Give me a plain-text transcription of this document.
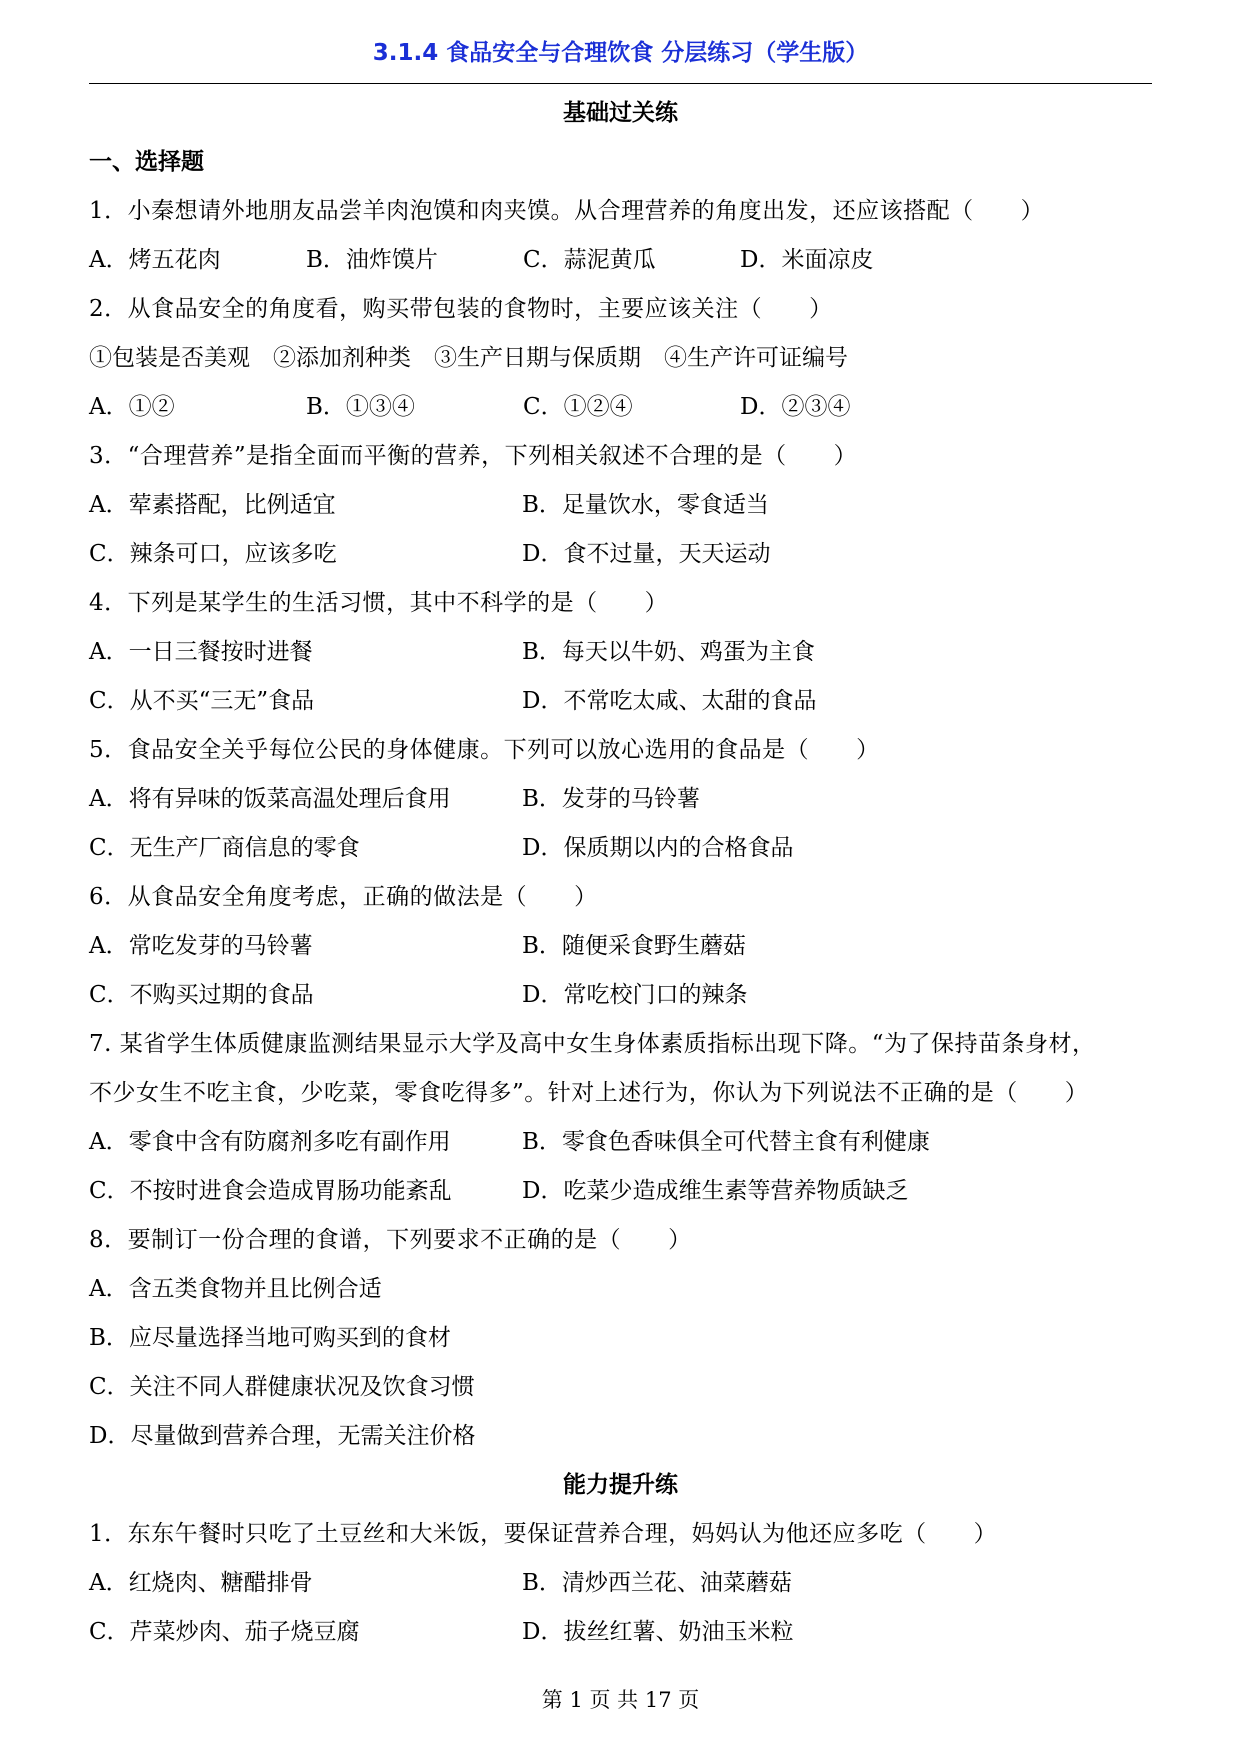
3.1.4 食品安全与合理饮食 分层练习（学生版）
基础过关练
一、选择题
1．小秦想请外地朋友品尝羊肉泡馍和肉夹馍。从合理营养的角度出发，还应该搭配（　　）
A．烤五花肉	B．油炸馍片	C．蒜泥黄瓜	D．米面凉皮
2．从食品安全的角度看，购买带包装的食物时，主要应该关注（　　）
①包装是否美观　②添加剂种类　③生产日期与保质期　④生产许可证编号
A．①②	B．①③④	C．①②④	D．②③④
3．“合理营养”是指全面而平衡的营养，下列相关叙述不合理的是（　　）
A．荤素搭配，比例适宜	B．足量饮水，零食适当
C．辣条可口，应该多吃	D．食不过量，天天运动
4．下列是某学生的生活习惯，其中不科学的是（　　）
A．一日三餐按时进餐	B．每天以牛奶、鸡蛋为主食
C．从不买“三无”食品	D．不常吃太咸、太甜的食品
5．食品安全关乎每位公民的身体健康。下列可以放心选用的食品是（　　）
A．将有异味的饭菜高温处理后食用	B．发芽的马铃薯
C．无生产厂商信息的零食	D．保质期以内的合格食品
6．从食品安全角度考虑，正确的做法是（　　）
A．常吃发芽的马铃薯	B．随便采食野生蘑菇
C．不购买过期的食品	D．常吃校门口的辣条
7. 某省学生体质健康监测结果显示大学及高中女生身体素质指标出现下降。“为了保持苗条身材，
不少女生不吃主食，少吃菜，零食吃得多”。针对上述行为，你认为下列说法不正确的是（　　）
A．零食中含有防腐剂多吃有副作用	B．零食色香味俱全可代替主食有利健康
C．不按时进食会造成胃肠功能紊乱	D．吃菜少造成维生素等营养物质缺乏
8．要制订一份合理的食谱，下列要求不正确的是（　　）
A．含五类食物并且比例合适
B．应尽量选择当地可购买到的食材
C．关注不同人群健康状况及饮食习惯
D．尽量做到营养合理，无需关注价格
能力提升练
1．东东午餐时只吃了土豆丝和大米饭，要保证营养合理，妈妈认为他还应多吃（　　）
A．红烧肉、糖醋排骨	B．清炒西兰花、油菜蘑菇
C．芹菜炒肉、茄子烧豆腐	D．拔丝红薯、奶油玉米粒
第 1 页 共 17 页
